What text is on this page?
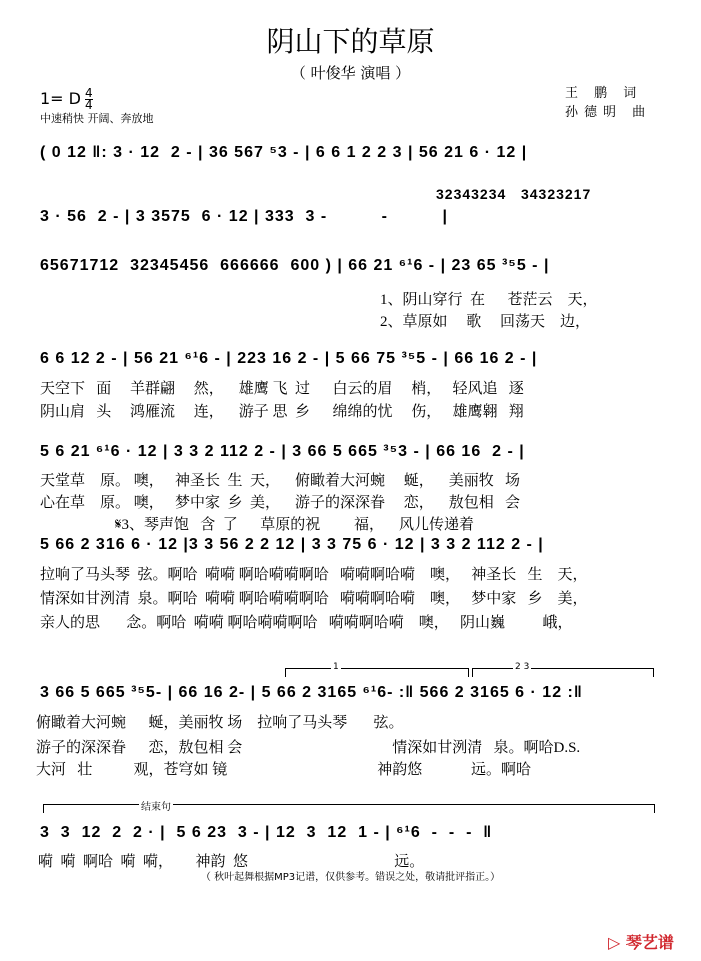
阴山下的草原
（ 叶俊华 演唱 ）
1= D $\frac{4}{4}$
中速稍快 开阔、奔放地
王 鹏 词
孙德明 曲
( 0 12 ‖: 3 · 12  2 - | 36 567 ⁵3 - | 6 6 1 2 2 3 | 56 21 6 · 12 |
32343234   34323217
3 · 56  2 - | 3 3575  6 · 12 | 333  3 -          -          |
65671712  32345456  666666  600 ) | 66 21 ⁶¹6 - | 23 65 ³⁵5 - |
1、阴山穿行  在      苍茫云    天，
2、草原如     歌     回荡天    边，
6 6 12 2 - | 56 21 ⁶¹6 - | 223 16 2 - | 5 66 75 ³⁵5 - | 66 16 2 - |
天空下   面     羊群翩     然，    雄鹰 飞  过      白云的眉     梢，   轻风追   逐
阴山肩   头     鸿雁流     连，    游子 思  乡      绵绵的忧     伤，   雄鹰翱   翔
5 6 21 ⁶¹6 · 12 | 3 3 2 112 2 - | 3 66 5 665 ³⁵3 - | 66 16  2 - |
天堂草    原。 噢，   神圣长  生  天，    俯瞰着大河蜿     蜒，    美丽牧   场
心在草    原。 噢，   梦中家  乡  美，    游子的深深眷     恋，    敖包相   会
𝄋3、琴声饱   含  了      草原的祝         福，    风儿传递着
5 66 2 316 6 · 12 |3 3 56 2 2 12 | 3 3 75 6 · 12 | 3 3 2 112 2 - |
拉响了马头琴  弦。啊哈  嗬嗬 啊哈嗬嗬啊哈   嗬嗬啊哈嗬    噢，   神圣长   生    天，
情深如甘洌清  泉。啊哈  嗬嗬 啊哈嗬嗬啊哈   嗬嗬啊哈嗬    噢，   梦中家   乡    美，
亲人的思       念。啊哈  嗬嗬 啊哈嗬嗬啊哈   嗬嗬啊哈嗬    噢，   阴山巍          峨，
1	2 3
3 66 5 665 ³⁵5- | 66 16 2- | 5 66 2 3165 ⁶¹6- :‖ 566 2 3165 6 · 12 :‖
俯瞰着大河蜿      蜒，美丽牧 场    拉响了马头琴       弦。
游子的深深眷      恋，敖包相 会                                        情深如甘洌清   泉。啊哈D.S.
大河   壮           观，苍穹如 镜                                        神韵悠             远。啊哈
结束句
3  3  12  2  2 · |  5 6 23  3 - | 12  3  12  1 - | ⁶¹6  -  -  -  ‖
嗬  嗬  啊哈  嗬  嗬，      神韵  悠                                       远。
（ 秋叶起舞根据MP3记谱，仅供参考。错误之处，敬请批评指正。）
▷ 琴艺谱
